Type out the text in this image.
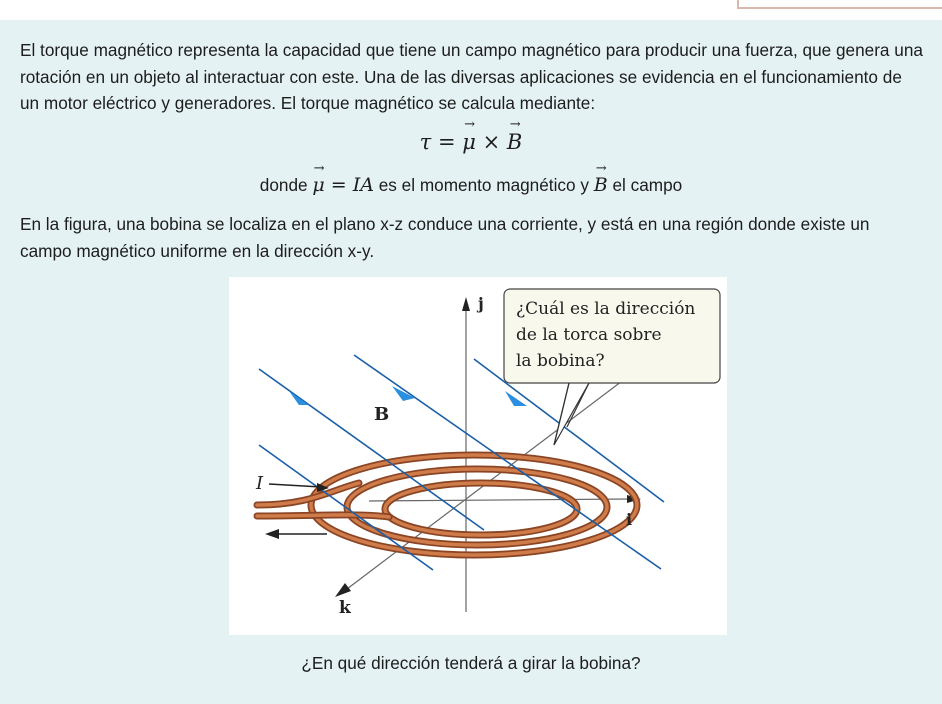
El torque magnético representa la capacidad que tiene un campo magnético para producir una fuerza, que genera una rotación en un objeto al interactuar con este. Una de las diversas aplicaciones se evidencia en el funcionamiento de un motor eléctrico y generadores. El torque magnético se calcula mediante:

τ = → μ × → B
donde → μ = IA es el momento magnético y → B el campo

En la figura, una bobina se localiza en el plano x-z conduce una corriente, y está en una región donde existe un campo magnético uniforme en la dirección x-y.

¿Cuál es la dirección
de la torca sobre
la bobina?
j
i
k
B
I
¿En qué dirección tenderá a girar la bobina?
